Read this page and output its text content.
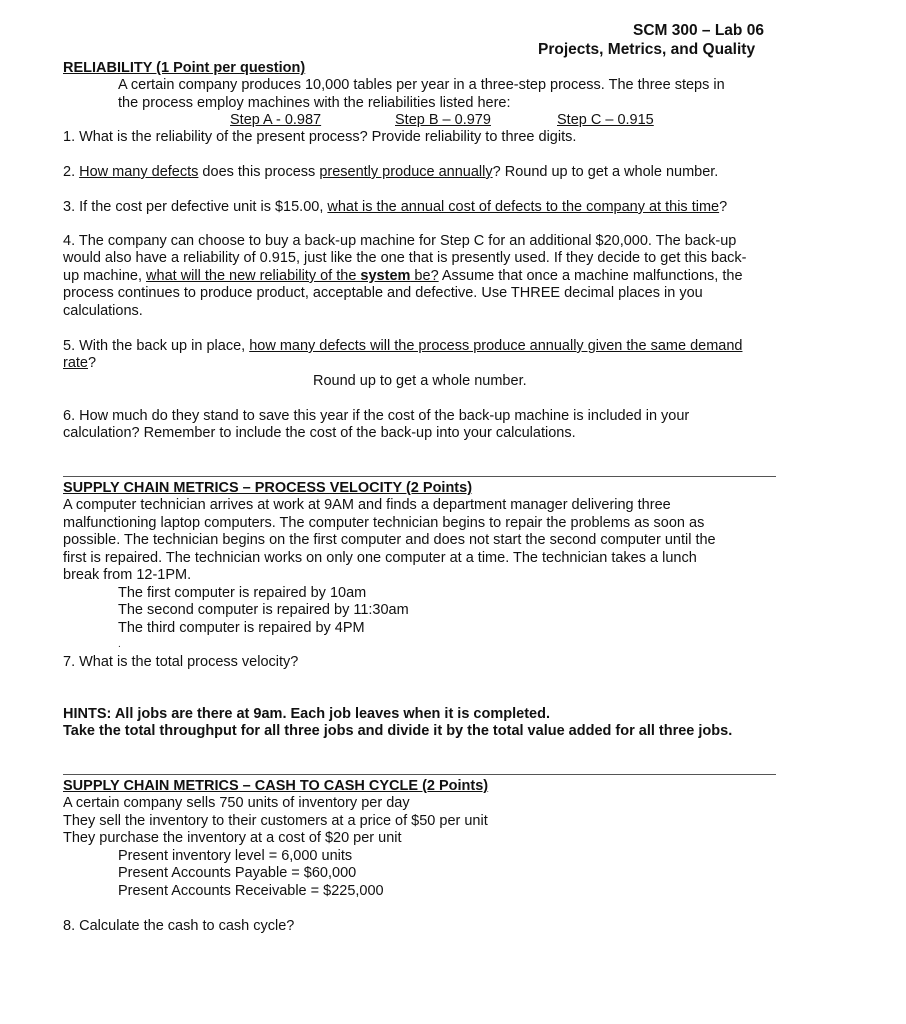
SCM 300 – Lab 06
Projects, Metrics, and Quality
RELIABILITY (1 Point per question)
A certain company produces 10,000 tables per year in a three-step process. The three steps in
the process employ machines with the reliabilities listed here:
Step A - 0.987	Step B – 0.979	Step C – 0.915
1. What is the reliability of the present process? Provide reliability to three digits.
2. How many defects does this process presently produce annually? Round up to get a whole number.
3. If the cost per defective unit is $15.00, what is the annual cost of defects to the company at this time?
4. The company can choose to buy a back-up machine for Step C for an additional $20,000. The back-up
would also have a reliability of 0.915, just like the one that is presently used. If they decide to get this back-
up machine, what will the new reliability of the system be? Assume that once a machine malfunctions, the
process continues to produce product, acceptable and defective. Use THREE decimal places in you
calculations.
5. With the back up in place, how many defects will the process produce annually given the same demand
rate?
Round up to get a whole number.
6. How much do they stand to save this year if the cost of the back-up machine is included in your
calculation? Remember to include the cost of the back-up into your calculations.
SUPPLY CHAIN METRICS – PROCESS VELOCITY (2 Points)
A computer technician arrives at work at 9AM and finds a department manager delivering three
malfunctioning laptop computers. The computer technician begins to repair the problems as soon as
possible. The technician begins on the first computer and does not start the second computer until the
first is repaired. The technician works on only one computer at a time. The technician takes a lunch
break from 12-1PM.
The first computer is repaired by 10am
The second computer is repaired by 11:30am
The third computer is repaired by 4PM
.
7. What is the total process velocity?
HINTS: All jobs are there at 9am. Each job leaves when it is completed.
Take the total throughput for all three jobs and divide it by the total value added for all three jobs.
SUPPLY CHAIN METRICS – CASH TO CASH CYCLE (2 Points)
A certain company sells 750 units of inventory per day
They sell the inventory to their customers at a price of $50 per unit
They purchase the inventory at a cost of $20 per unit
Present inventory level = 6,000 units
Present Accounts Payable = $60,000
Present Accounts Receivable = $225,000
8. Calculate the cash to cash cycle?
